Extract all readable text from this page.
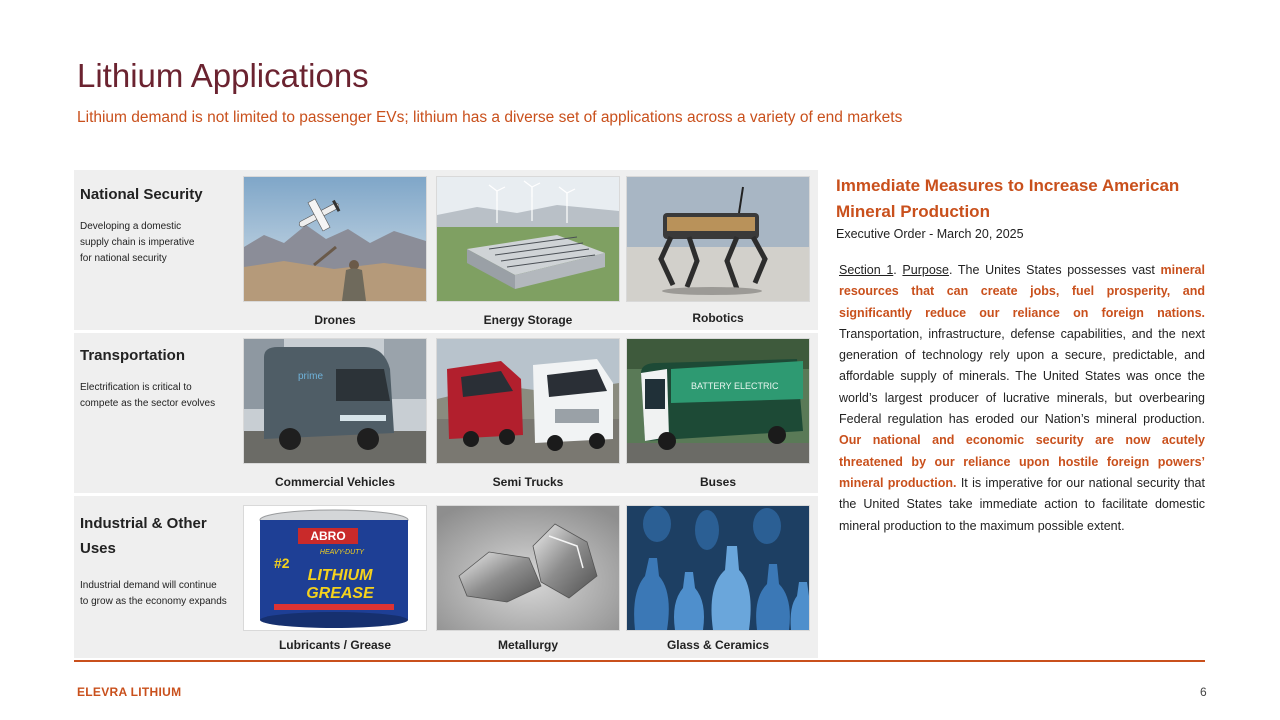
Lithium Applications
Lithium demand is not limited to passenger EVs; lithium has a diverse set of applications across a variety of end markets

National Security

Developing a domestic
supply chain is imperative
for national security
Drones	Energy Storage	Robotics

Transportation

Electrification is critical to
compete as the sector evolves
prime
Commercial Vehicles	Semi Trucks
BATTERY ELECTRIC
Buses

Industrial & Other
Uses

Industrial demand will continue
to grow as the economy expands
ABRO
HEAVY-DUTY
#2
LITHIUM
GREASE
Lubricants / Grease	Metallurgy	Glass & Ceramics
Immediate Measures to Increase American
Mineral Production
Executive Order - March 20, 2025
Section 1. Purpose. The Unites States possesses vast mineral resources that can create jobs, fuel prosperity, and significantly reduce our reliance on foreign nations. Transportation, infrastructure, defense capabilities, and the next generation of technology rely upon a secure, predictable, and affordable supply of minerals. The United States was once the world’s largest producer of lucrative minerals, but overbearing Federal regulation has eroded our Nation’s mineral production. Our national and economic security are now acutely threatened by our reliance upon hostile foreign powers’ mineral production. It is imperative for our national security that the United States take immediate action to facilitate domestic mineral production to the maximum possible extent.
ELEVRA LITHIUM	6
